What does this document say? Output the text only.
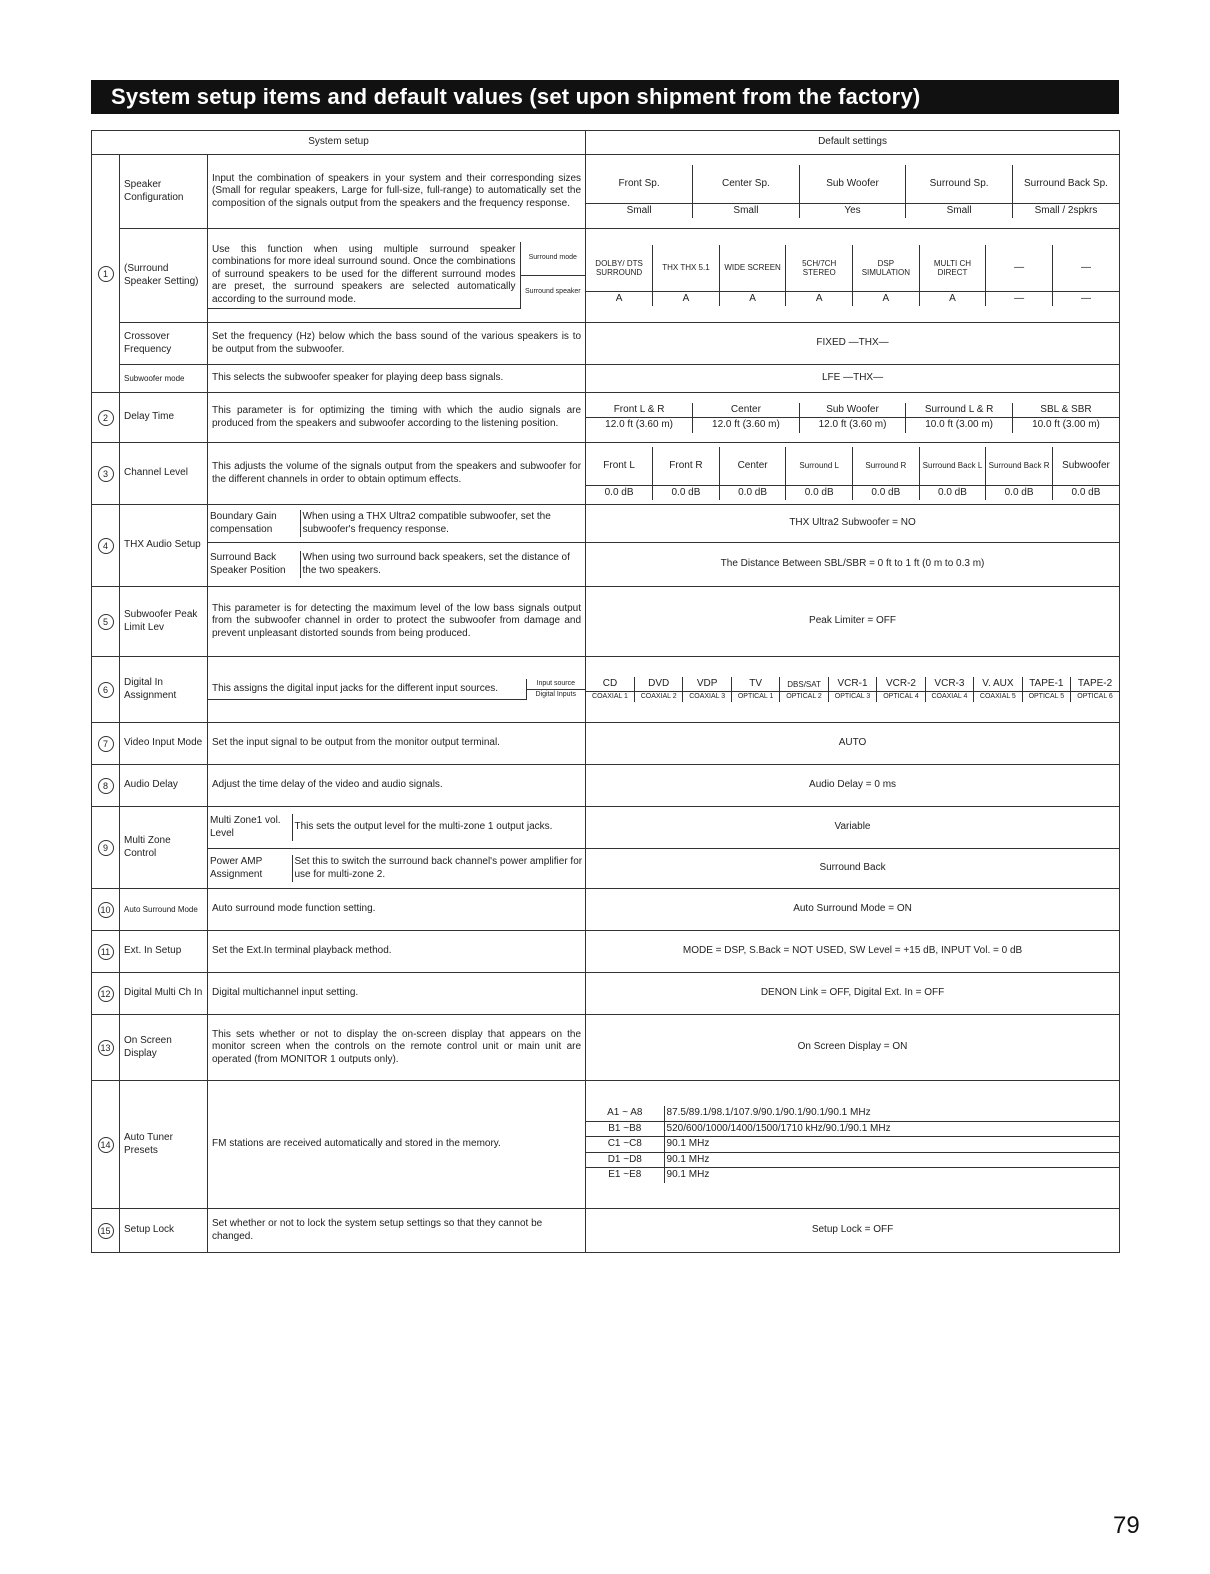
System setup items and default values (set upon shipment from the factory)
System setup	Default settings
1	Speaker Configuration	Input the combination of speakers in your system and their corresponding sizes (Small for regular speakers, Large for full-size, full-range) to automatically set the composition of the signals output from the speakers and the frequency response.	
Front Sp.	Center Sp.	Sub Woofer	Surround Sp.	Surround Back Sp.
Small	Small	Yes	Small	Small / 2spkrs

(Surround Speaker Setting)	
Use this function when using multiple surround speaker combinations for more ideal surround sound. Once the combinations of surround speakers to be used for the different surround modes are preset, the surround speakers are selected automatically according to the surround mode.	Surround mode
Surround speaker

DOLBY/ DTS SURROUND	THX THX 5.1	WIDE SCREEN	5CH/7CH STEREO	DSP SIMULATION	MULTI CH DIRECT	—	—
A	A	A	A	A	A	—	—

Crossover Frequency	Set the frequency (Hz) below which the bass sound of the various speakers is to be output from the subwoofer.	FIXED —THX—
Subwoofer mode	This selects the subwoofer speaker for playing deep bass signals.	LFE —THX—
2	Delay Time	This parameter is for optimizing the timing with which the audio signals are produced from the speakers and subwoofer according to the listening position.	
Front L & R	Center	Sub Woofer	Surround L & R	SBL & SBR
12.0 ft (3.60 m)	12.0 ft (3.60 m)	12.0 ft (3.60 m)	10.0 ft (3.00 m)	10.0 ft (3.00 m)

3	Channel Level	This adjusts the volume of the signals output from the speakers and subwoofer for the different channels in order to obtain optimum effects.	
Front L	Front R	Center	Surround L	Surround R	Surround Back L	Surround Back R	Subwoofer
0.0 dB	0.0 dB	0.0 dB	0.0 dB	0.0 dB	0.0 dB	0.0 dB	0.0 dB

4	THX Audio Setup	
Boundary Gain compensation	When using a THX Ultra2 compatible subwoofer, set the subwoofer's frequency response.
	THX Ultra2 Subwoofer = NO

Surround Back Speaker Position	When using two surround back speakers, set the distance of the two speakers.
	The Distance Between SBL/SBR = 0 ft to 1 ft (0 m to 0.3 m)
5	Subwoofer Peak Limit Lev	This parameter is for detecting the maximum level of the low bass signals output from the subwoofer channel in order to protect the subwoofer from damage and prevent unpleasant distorted sounds from being produced.	Peak Limiter = OFF
6	Digital In Assignment	
This assigns the digital input jacks for the different input sources.	Input source
Digital Inputs

CD	DVD	VDP	TV	DBS/SAT	VCR-1	VCR-2	VCR-3	V. AUX	TAPE-1	TAPE-2
COAXIAL 1	COAXIAL 2	COAXIAL 3	OPTICAL 1	OPTICAL 2	OPTICAL 3	OPTICAL 4	COAXIAL 4	COAXIAL 5	OPTICAL 5	OPTICAL 6

7	Video Input Mode	Set the input signal to be output from the monitor output terminal.	AUTO
8	Audio Delay	Adjust the time delay of the video and audio signals.	Audio Delay = 0 ms
9	Multi Zone Control	
Multi Zone1 vol. Level	This sets the output level for the multi-zone 1 output jacks.
		Variable

Power AMP Assignment	Set this to switch the surround back channel's power amplifier for use for multi-zone 2.
	Surround Back
10	Auto Surround Mode	Auto surround mode function setting.	Auto Surround Mode = ON
11	Ext. In Setup	Set the Ext.In terminal playback method.	MODE = DSP, S.Back = NOT USED, SW Level = +15 dB, INPUT Vol. = 0 dB
12	Digital Multi Ch In	Digital multichannel input setting.	DENON Link = OFF, Digital Ext. In = OFF
13	On Screen Display	This sets whether or not to display the on-screen display that appears on the monitor screen when the controls on the remote control unit or main unit are operated (from MONITOR 1 outputs only).	On Screen Display = ON
14	Auto Tuner Presets	FM stations are received automatically and stored in the memory.	
A1 ~ A8	87.5/89.1/98.1/107.9/90.1/90.1/90.1/90.1 MHz
B1 ~B8	520/600/1000/1400/1500/1710 kHz/90.1/90.1 MHz
C1 ~C8	90.1 MHz
D1 ~D8	90.1 MHz
E1 ~E8	90.1 MHz

15	Setup Lock	Set whether or not to lock the system setup settings so that they cannot be changed.	Setup Lock = OFF
79
